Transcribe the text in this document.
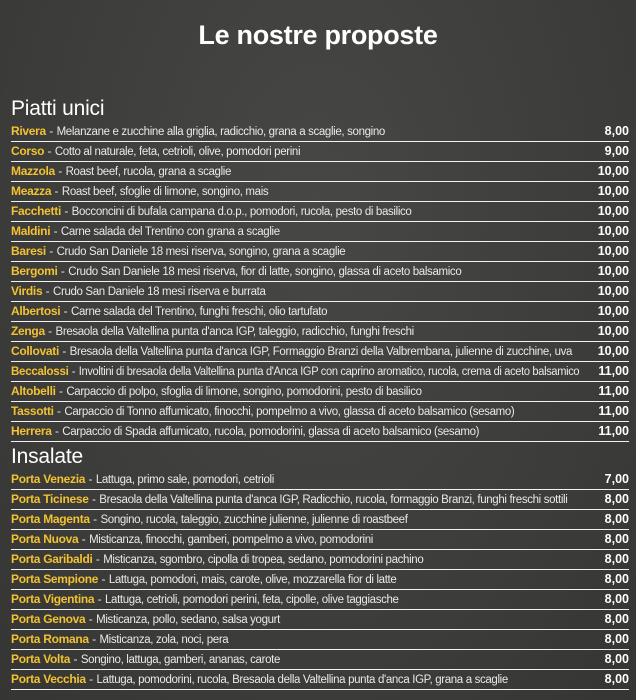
Le nostre proposte
Piatti unici
Rivera - Melanzane e zucchine alla griglia, radicchio, grana a scaglie, songino	8,00
Corso - Cotto al naturale, feta, cetrioli, olive, pomodori perini	9,00
Mazzola - Roast beef, rucola, grana a scaglie	10,00
Meazza - Roast beef, sfoglie di limone, songino, mais	10,00
Facchetti - Bocconcini di bufala campana d.o.p., pomodori, rucola, pesto di basilico	10,00
Maldini - Carne salada del Trentino con grana a scaglie	10,00
Baresi - Crudo San Daniele 18 mesi riserva, songino, grana a scaglie	10,00
Bergomi - Crudo San Daniele 18 mesi riserva, fior di latte, songino, glassa di aceto balsamico	10,00
Virdis - Crudo San Daniele 18 mesi riserva e burrata	10,00
Albertosi - Carne salada del Trentino, funghi freschi, olio tartufato	10,00
Zenga - Bresaola della Valtellina punta d'anca IGP, taleggio, radicchio, funghi freschi	10,00
Collovati - Bresaola della Valtellina punta d'anca IGP, Formaggio Branzi della Valbrembana, julienne di zucchine, uva 10,00
Beccalossi - Involtini di bresaola della Valtellina punta d'Anca IGP con caprino aromatico, rucola, crema di aceto balsamico 11,00
Altobelli - Carpaccio di polpo, sfoglia di limone, songino, pomodorini, pesto di basilico	11,00
Tassotti - Carpaccio di Tonno affumicato, finocchi, pompelmo a vivo, glassa di aceto balsamico (sesamo)	11,00
Herrera - Carpaccio di Spada affumicato, rucola, pomodorini, glassa di aceto balsamico (sesamo)	11,00
Insalate
Porta Venezia - Lattuga, primo sale, pomodori, cetrioli	7,00
Porta Ticinese - Bresaola della Valtellina punta d'anca IGP, Radicchio, rucola, formaggio Branzi, funghi freschi sottili	8,00
Porta Magenta - Songino, rucola, taleggio, zucchine julienne, julienne di roastbeef	8,00
Porta Nuova - Misticanza, finocchi, gamberi, pompelmo a vivo, pomodorini	8,00
Porta Garibaldi - Misticanza, sgombro, cipolla di tropea, sedano, pomodorini pachino	8,00
Porta Sempione - Lattuga, pomodori, mais, carote, olive, mozzarella fior di latte	8,00
Porta Vigentina - Lattuga, cetrioli, pomodori perini, feta, cipolle, olive taggiasche	8,00
Porta Genova - Misticanza, pollo, sedano, salsa yogurt	8,00
Porta Romana - Misticanza, zola, noci, pera	8,00
Porta Volta - Songino, lattuga, gamberi, ananas, carote	8,00
Porta Vecchia - Lattuga, pomodorini, rucola, Bresaola della Valtellina punta d'anca IGP, grana a scaglie	8,00
